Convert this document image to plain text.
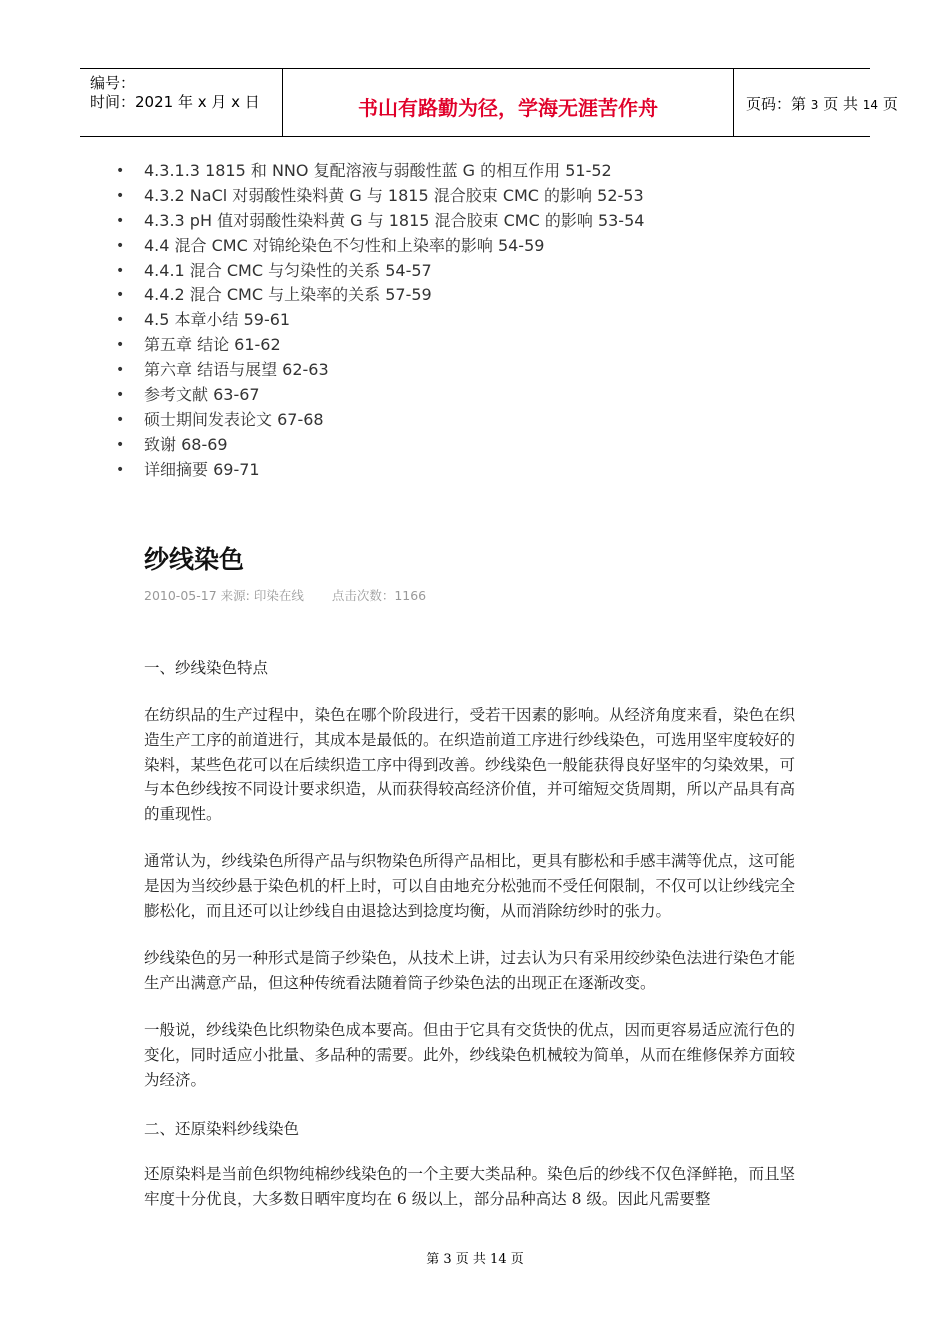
编号：
时间：2021 年 x 月 x 日	书山有路勤为径，学海无涯苦作舟	页码：第 3 页 共 14 页
• 4.3.1.3 1815 和 NNO 复配溶液与弱酸性蓝 G 的相互作用 51-52
• 4.3.2 NaCl 对弱酸性染料黄 G 与 1815 混合胶束 CMC 的影响 52-53
• 4.3.3 pH 值对弱酸性染料黄 G 与 1815 混合胶束 CMC 的影响 53-54
• 4.4 混合 CMC 对锦纶染色不匀性和上染率的影响 54-59
• 4.4.1 混合 CMC 与匀染性的关系 54-57
• 4.4.2 混合 CMC 与上染率的关系 57-59
• 4.5 本章小结 59-61
• 第五章 结论 61-62
• 第六章 结语与展望 62-63
• 参考文献 63-67
• 硕士期间发表论文 67-68
• 致谢 68-69
• 详细摘要 69-71
纱线染色
2010-05-17 来源: 印染在线 点击次数：1166
一、纱线染色特点
在纺织品的生产过程中，染色在哪个阶段进行，受若干因素的影响。从经济角度来看，染色在织造生产工序的前道进行，其成本是最低的。在织造前道工序进行纱线染色，可选用坚牢度较好的染料，某些色花可以在后续织造工序中得到改善。纱线染色一般能获得良好坚牢的匀染效果，可与本色纱线按不同设计要求织造，从而获得较高经济价值，并可缩短交货周期，所以产品具有高的重现性。
通常认为，纱线染色所得产品与织物染色所得产品相比，更具有膨松和手感丰满等优点，这可能是因为当绞纱悬于染色机的杆上时，可以自由地充分松弛而不受任何限制，不仅可以让纱线完全膨松化，而且还可以让纱线自由退捻达到捻度均衡，从而消除纺纱时的张力。
纱线染色的另一种形式是筒子纱染色，从技术上讲，过去认为只有采用绞纱染色法进行染色才能生产出满意产品，但这种传统看法随着筒子纱染色法的出现正在逐渐改变。
一般说，纱线染色比织物染色成本要高。但由于它具有交货快的优点，因而更容易适应流行色的变化，同时适应小批量、多品种的需要。此外，纱线染色机械较为简单，从而在维修保养方面较为经济。
二、还原染料纱线染色
还原染料是当前色织物纯棉纱线染色的一个主要大类品种。染色后的纱线不仅色泽鲜艳，而且坚牢度十分优良，大多数日晒牢度均在 6 级以上，部分品种高达 8 级。因此凡需要整
第 3 页 共 14 页
